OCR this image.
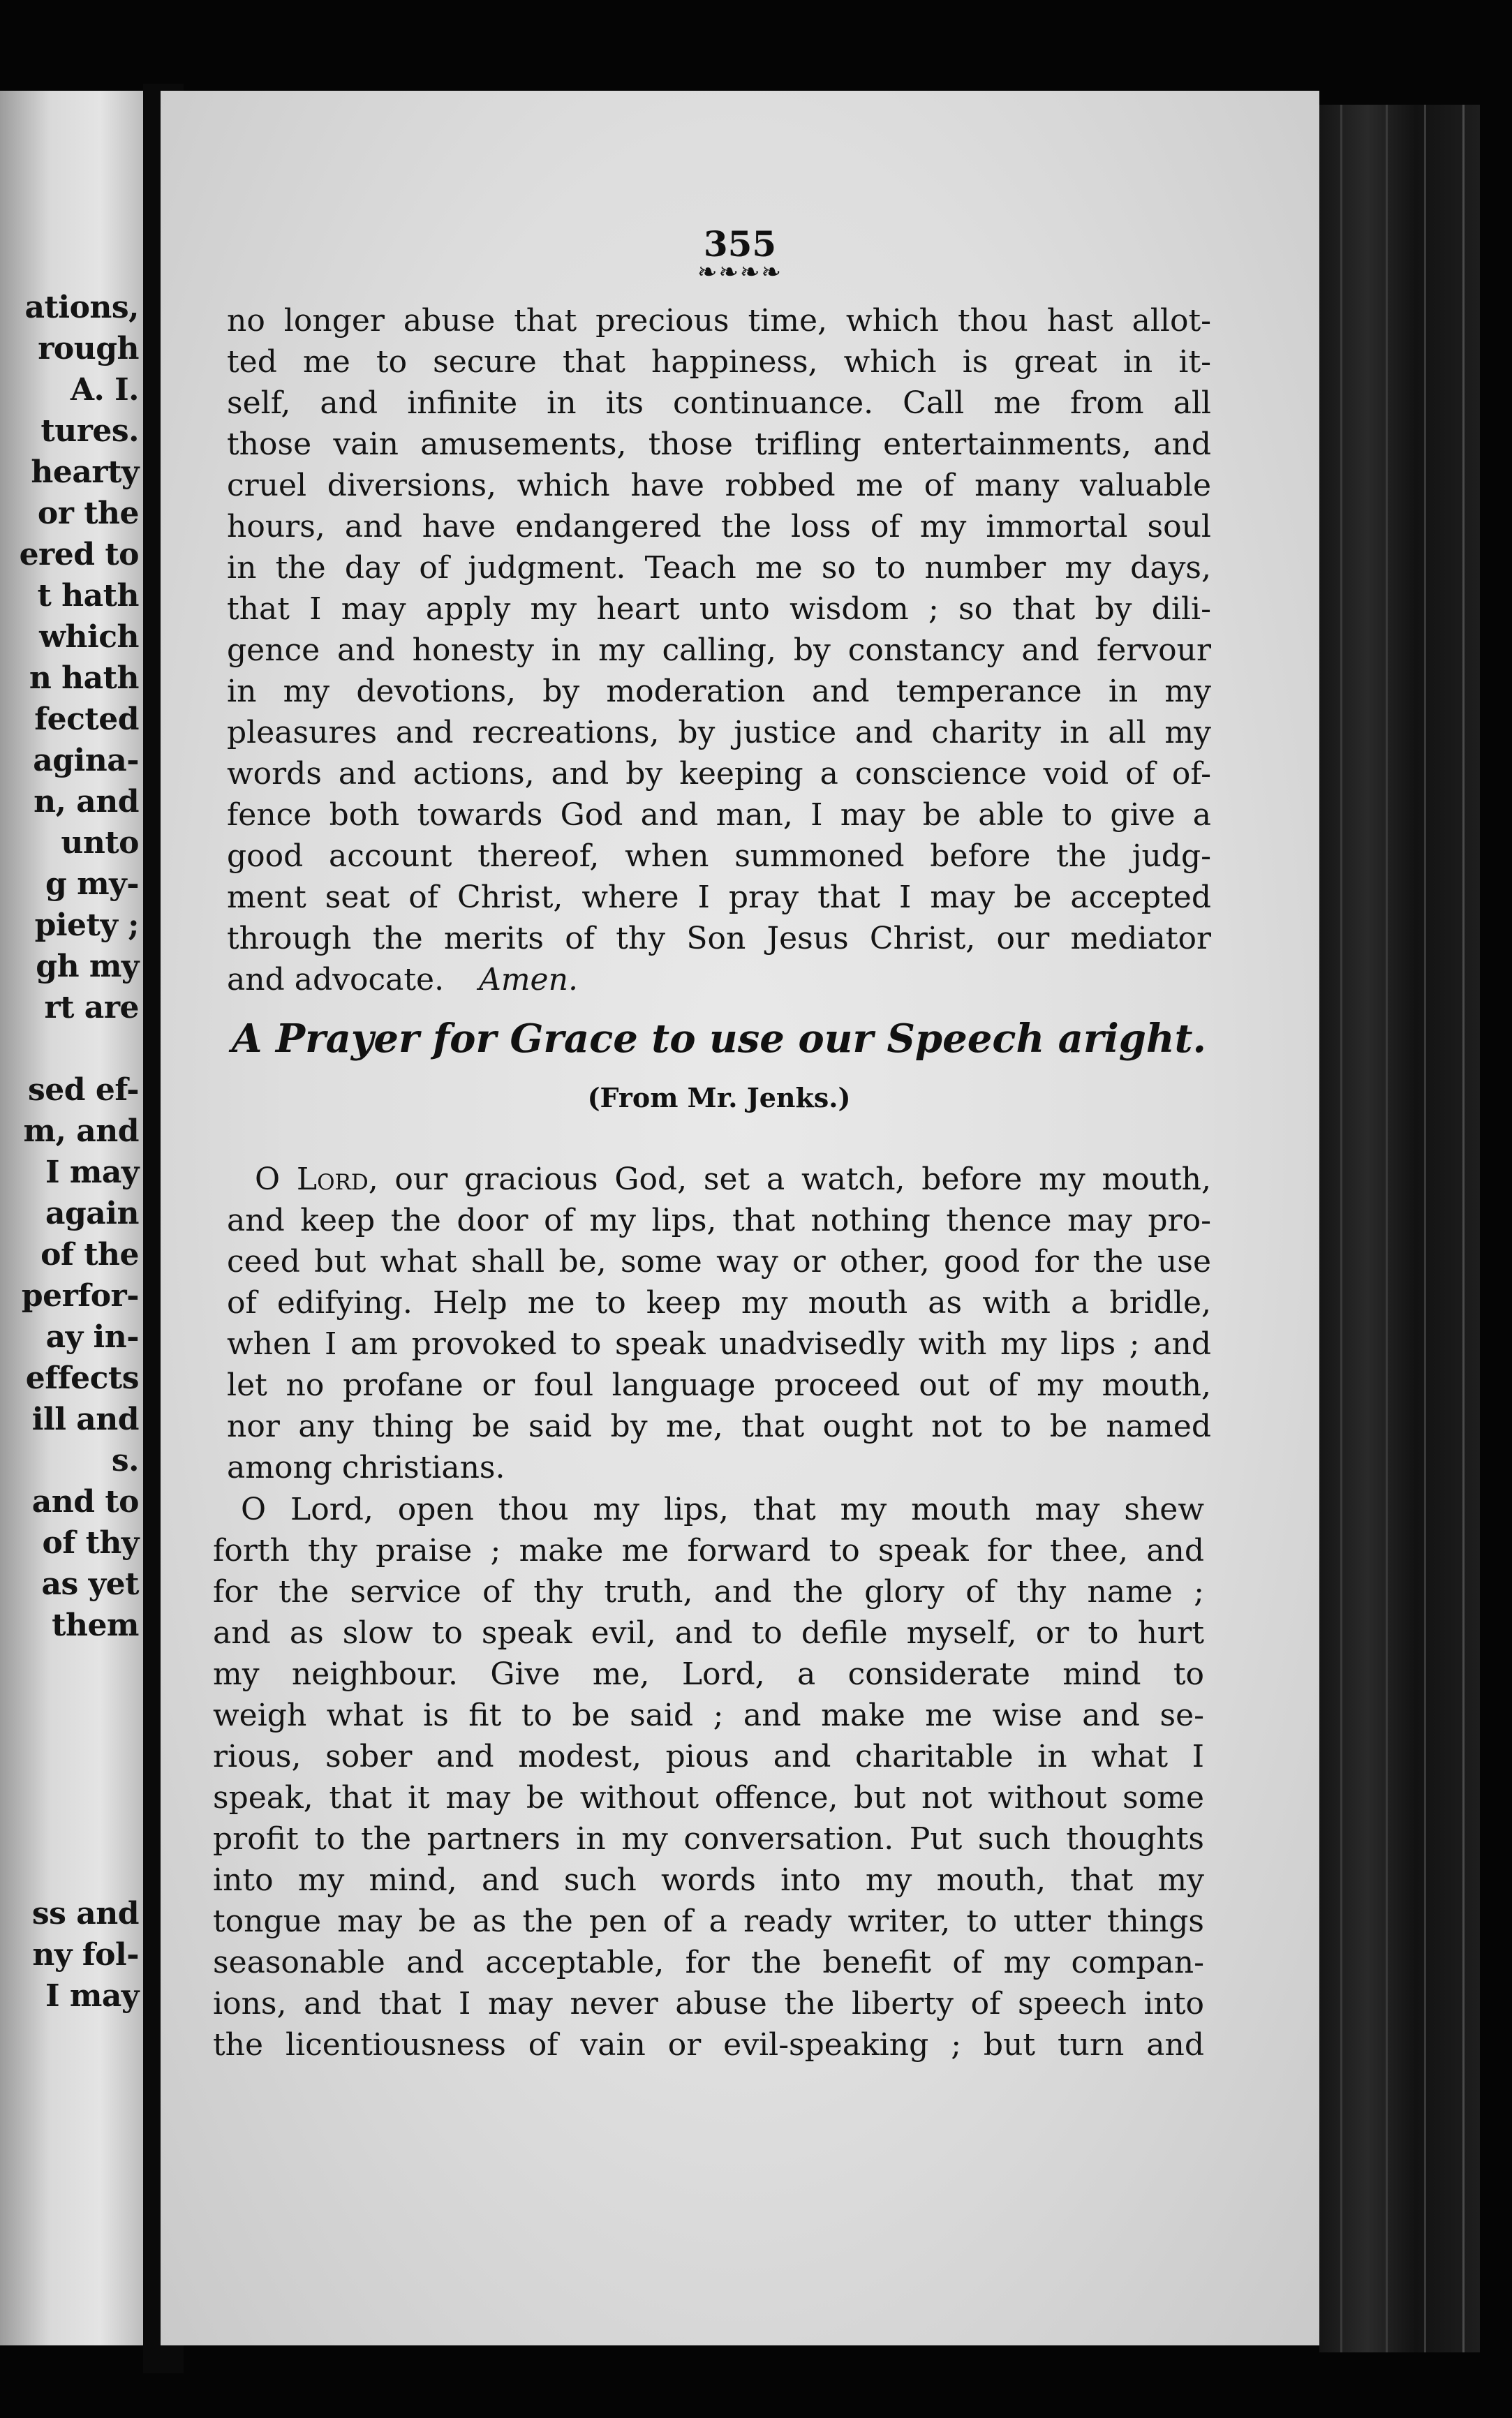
ations,
rough
A. I.
tures.
hearty
or the
ered to
t hath
which
n hath
fected
agina-
n, and
unto
g my-
piety ;
gh my
rt are
sed ef-
m, and
I may
again
of the
perfor-
ay in-
effects
ill and
s.
and to
of thy
as yet
them
ss and
ny fol-
I may
355
❧❧❧❧
no longer abuse that precious time, which thou hast allot-
ted me to secure that happiness, which is great in it-
self, and infinite in its continuance. Call me from all
those vain amusements, those trifling entertainments, and
cruel diversions, which have robbed me of many valuable
hours, and have endangered the loss of my immortal soul
in the day of judgment. Teach me so to number my days,
that I may apply my heart unto wisdom ; so that by dili-
gence and honesty in my calling, by constancy and fervour
in my devotions, by moderation and temperance in my
pleasures and recreations, by justice and charity in all my
words and actions, and by keeping a conscience void of of-
fence both towards God and man, I may be able to give a
good account thereof, when summoned before the judg-
ment seat of Christ, where I pray that I may be accepted
through the merits of thy Son Jesus Christ, our mediator
and advocate. Amen.
A Prayer for Grace to use our Speech aright.
(From Mr. Jenks.)
O Lord, our gracious God, set a watch, before my mouth,
and keep the door of my lips, that nothing thence may pro-
ceed but what shall be, some way or other, good for the use
of edifying. Help me to keep my mouth as with a bridle,
when I am provoked to speak unadvisedly with my lips ; and
let no profane or foul language proceed out of my mouth,
nor any thing be said by me, that ought not to be named
among christians.
O Lord, open thou my lips, that my mouth may shew
forth thy praise ; make me forward to speak for thee, and
for the service of thy truth, and the glory of thy name ;
and as slow to speak evil, and to defile myself, or to hurt
my neighbour. Give me, Lord, a considerate mind to
weigh what is fit to be said ; and make me wise and se-
rious, sober and modest, pious and charitable in what I
speak, that it may be without offence, but not without some
profit to the partners in my conversation. Put such thoughts
into my mind, and such words into my mouth, that my
tongue may be as the pen of a ready writer, to utter things
seasonable and acceptable, for the benefit of my compan-
ions, and that I may never abuse the liberty of speech into
the licentiousness of vain or evil-speaking ; but turn and
